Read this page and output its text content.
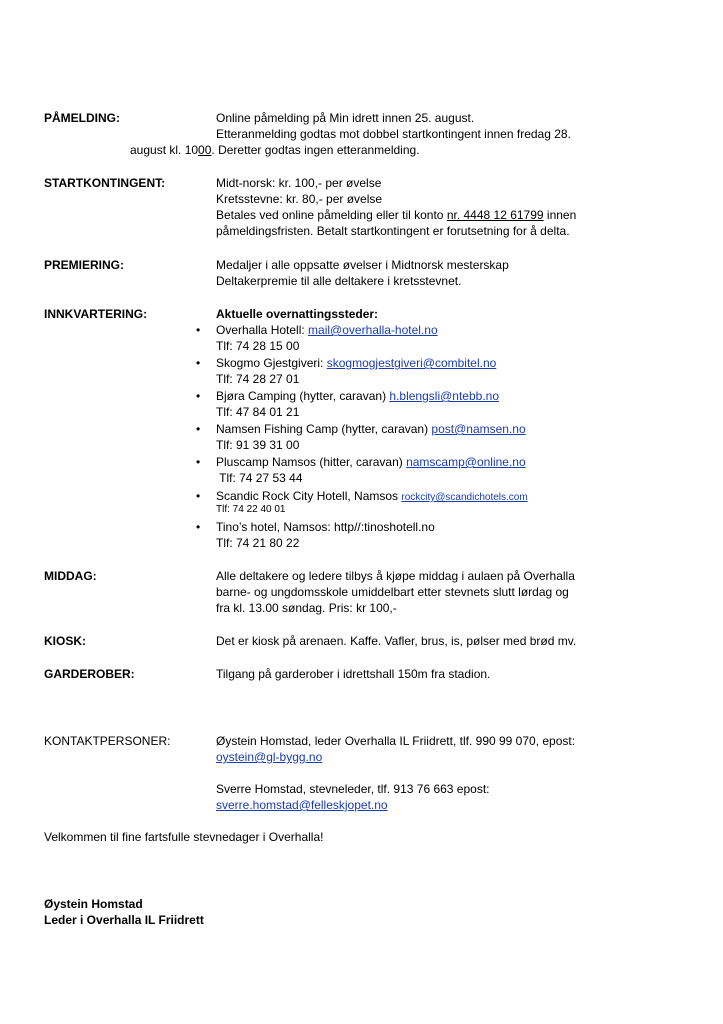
PÅMELDING:	Online påmelding på Min idrett innen 25. august.
Etteranmelding godtas mot dobbel startkontingent innen fredag 28.
august kl. 1000. Deretter godtas ingen etteranmelding.
STARTKONTINGENT:	Midt-norsk: kr. 100,- per øvelse
Kretsstevne: kr. 80,- per øvelse
Betales ved online påmelding eller til konto nr. 4448 12 61799 innen
påmeldingsfristen. Betalt startkontingent er forutsetning for å delta.
PREMIERING:	Medaljer i alle oppsatte øvelser i Midtnorsk mesterskap
Deltakerpremie til alle deltakere i kretsstevnet.
INNKVARTERING:	Aktuelle overnattingssteder:
• Overhalla Hotell: mail@overhalla-hotel.no
Tlf: 74 28 15 00
• Skogmo Gjestgiveri: skogmogjestgiveri@combitel.no
Tlf: 74 28 27 01
• Bjøra Camping (hytter, caravan) h.blengsli@ntebb.no
Tlf: 47 84 01 21
• Namsen Fishing Camp (hytter, caravan) post@namsen.no
Tlf: 91 39 31 00
• Pluscamp Namsos (hitter, caravan) namscamp@online.no
Tlf: 74 27 53 44
• Scandic Rock City Hotell, Namsos rockcity@scandichotels.com
Tlf: 74 22 40 01
• Tino’s hotel, Namsos: http//:tinoshotell.no
Tlf: 74 21 80 22
MIDDAG:	Alle deltakere og ledere tilbys å kjøpe middag i aulaen på Overhalla
barne- og ungdomsskole umiddelbart etter stevnets slutt lørdag og
fra kl. 13.00 søndag. Pris: kr 100,-
KIOSK:	Det er kiosk på arenaen. Kaffe. Vafler, brus, is, pølser med brød mv.
GARDEROBER:	Tilgang på garderober i idrettshall 150m fra stadion.
KONTAKTPERSONER:	Øystein Homstad, leder Overhalla IL Friidrett, tlf. 990 99 070, epost:
oystein@gl-bygg.no
Sverre Homstad, stevneleder, tlf. 913 76 663 epost:
sverre.homstad@felleskjopet.no
Velkommen til fine fartsfulle stevnedager i Overhalla!
Øystein Homstad
Leder i Overhalla IL Friidrett
